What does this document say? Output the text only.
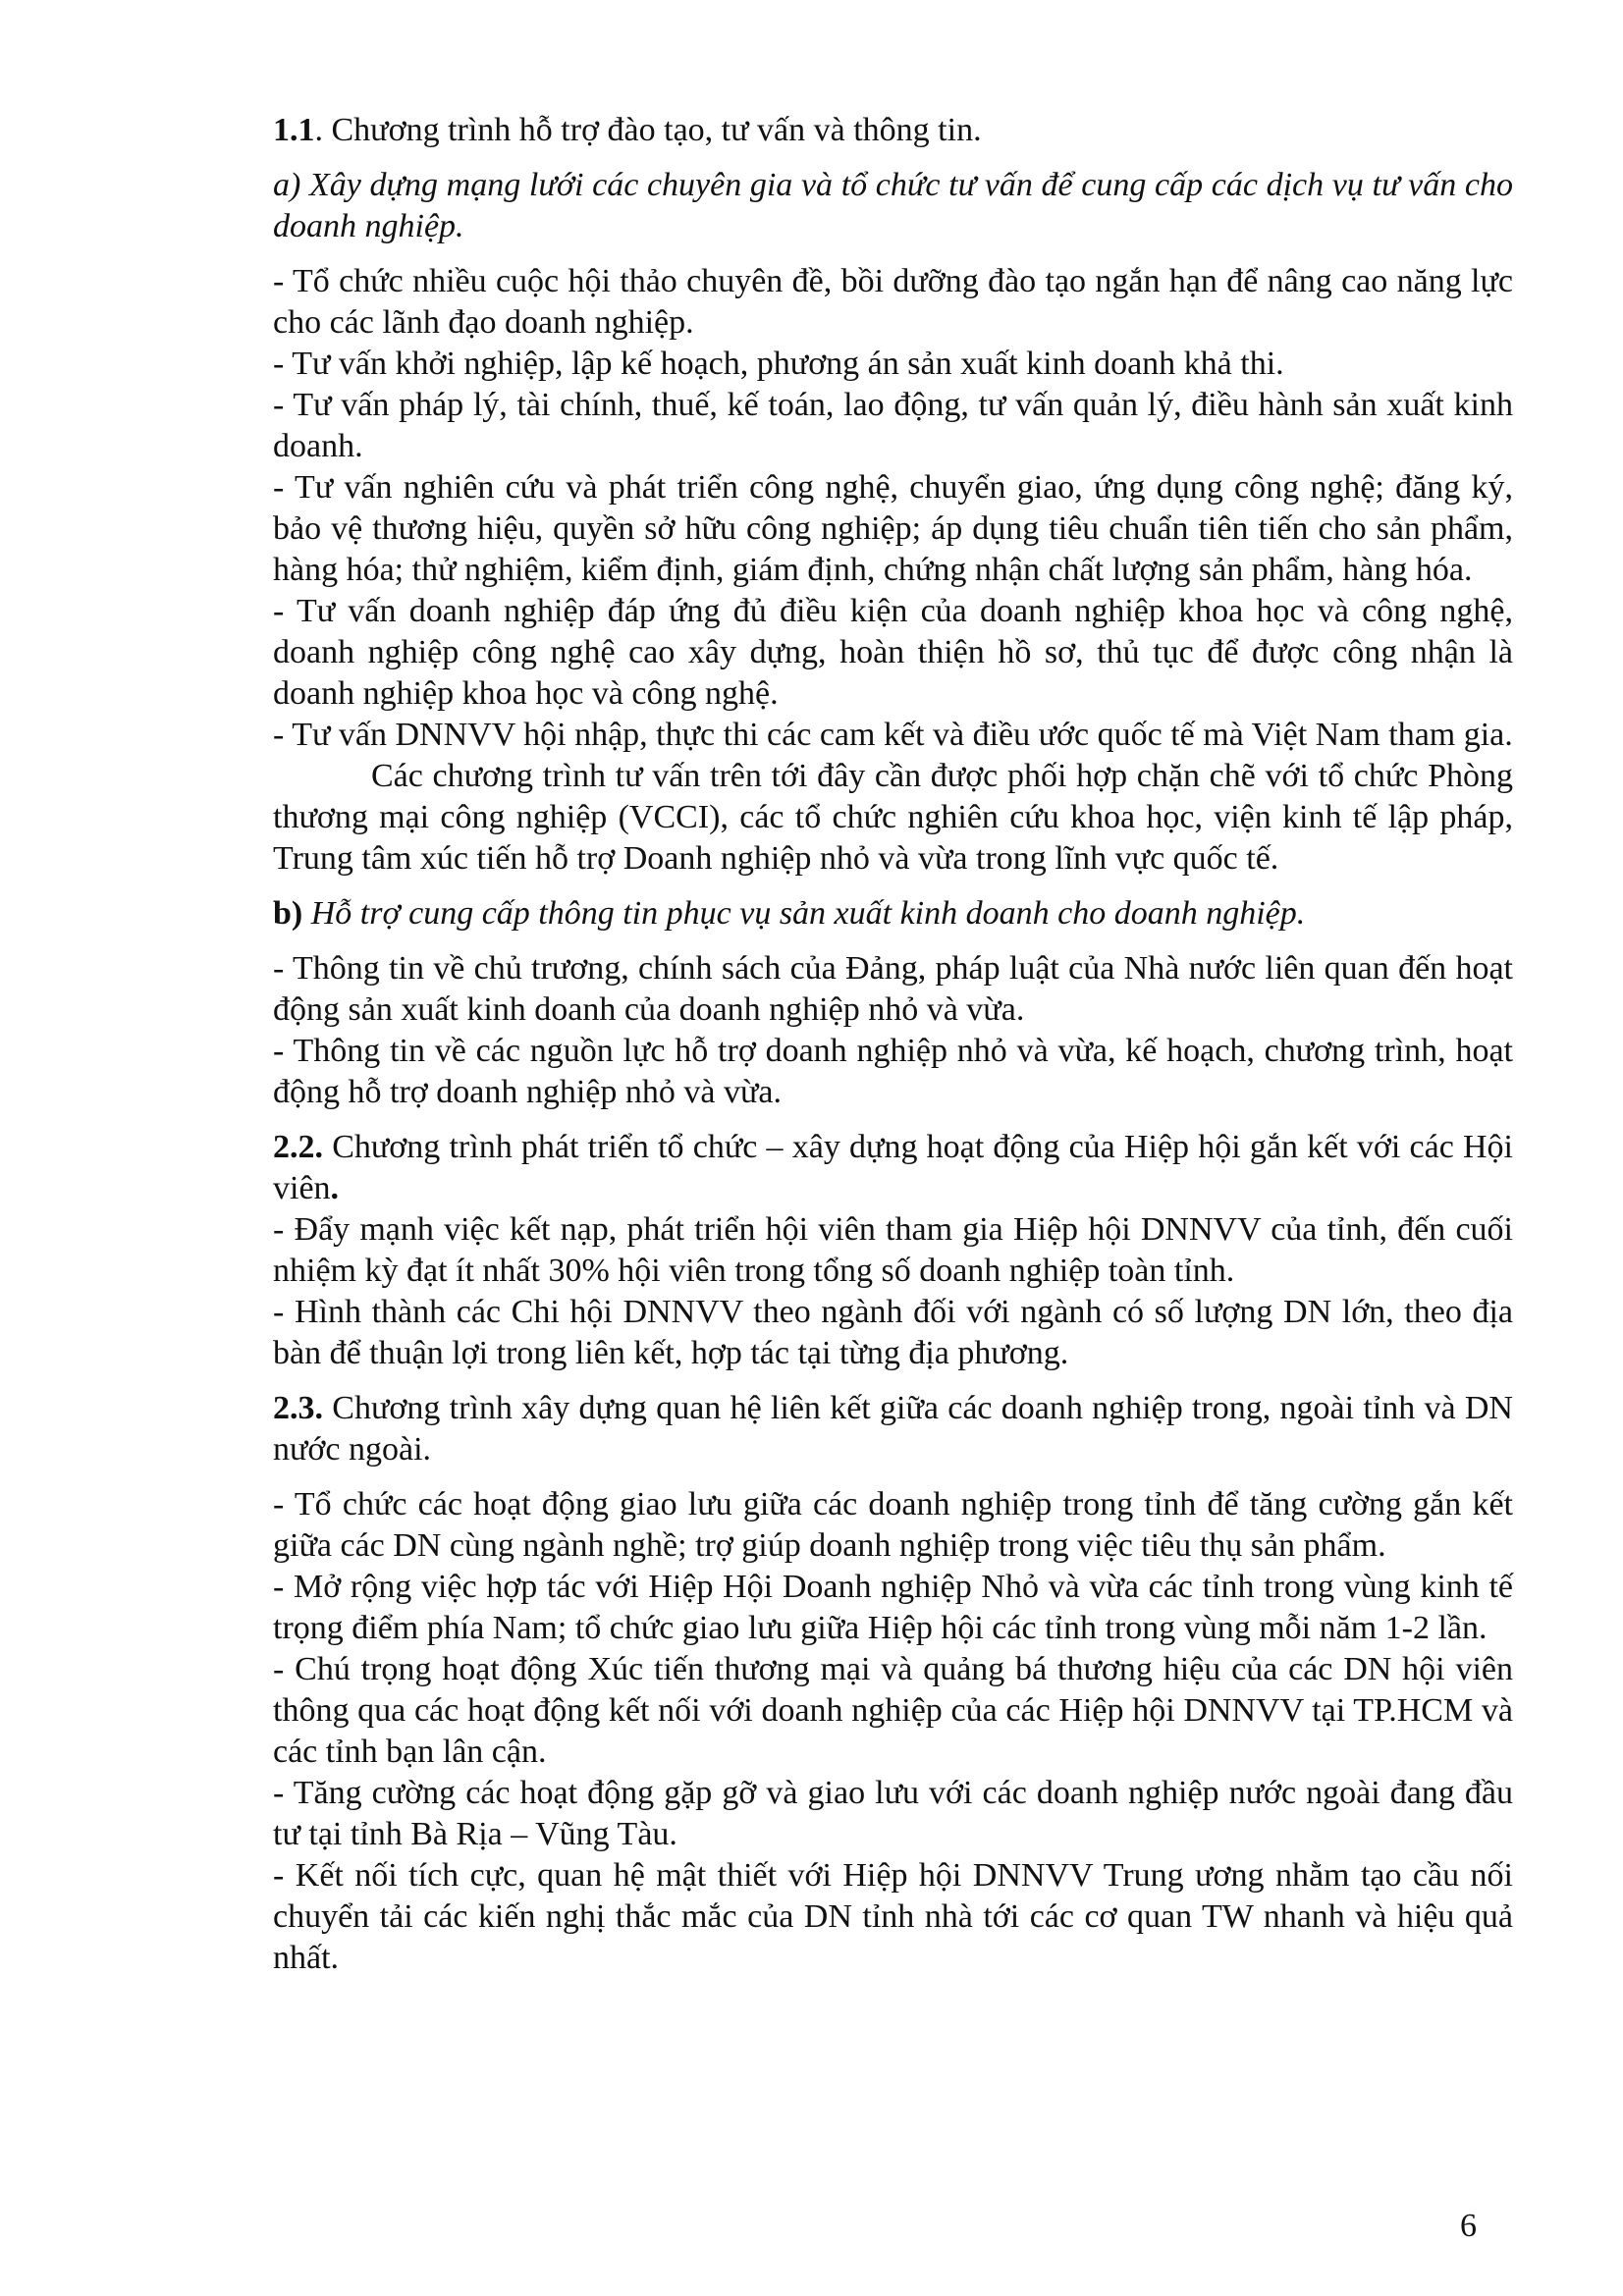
1.1. Chương trình hỗ trợ đào tạo, tư vấn và thông tin.

a) Xây dựng mạng lưới các chuyên gia và tổ chức tư vấn để cung cấp các dịch vụ tư vấn cho doanh nghiệp.

- Tổ chức nhiều cuộc hội thảo chuyên đề, bồi dưỡng đào tạo ngắn hạn để nâng cao năng lực cho các lãnh đạo doanh nghiệp.

- Tư vấn khởi nghiệp, lập kế hoạch, phương án sản xuất kinh doanh khả thi.

- Tư vấn pháp lý, tài chính, thuế, kế toán, lao động, tư vấn quản lý, điều hành sản xuất kinh doanh.

- Tư vấn nghiên cứu và phát triển công nghệ, chuyển giao, ứng dụng công nghệ; đăng ký, bảo vệ thương hiệu, quyền sở hữu công nghiệp; áp dụng tiêu chuẩn tiên tiến cho sản phẩm, hàng hóa; thử nghiệm, kiểm định, giám định, chứng nhận chất lượng sản phẩm, hàng hóa.

- Tư vấn doanh nghiệp đáp ứng đủ điều kiện của doanh nghiệp khoa học và công nghệ, doanh nghiệp công nghệ cao xây dựng, hoàn thiện hồ sơ, thủ tục để được công nhận là doanh nghiệp khoa học và công nghệ.

- Tư vấn DNNVV hội nhập, thực thi các cam kết và điều ước quốc tế mà Việt Nam tham gia.

Các chương trình tư vấn trên tới đây cần được phối hợp chặn chẽ với tổ chức Phòng thương mại công nghiệp (VCCI), các tổ chức nghiên cứu khoa học, viện kinh tế lập pháp, Trung tâm xúc tiến hỗ trợ Doanh nghiệp nhỏ và vừa trong lĩnh vực quốc tế.

b) Hỗ trợ cung cấp thông tin phục vụ sản xuất kinh doanh cho doanh nghiệp.

- Thông tin về chủ trương, chính sách của Đảng, pháp luật của Nhà nước liên quan đến hoạt động sản xuất kinh doanh của doanh nghiệp nhỏ và vừa.

- Thông tin về các nguồn lực hỗ trợ doanh nghiệp nhỏ và vừa, kế hoạch, chương trình, hoạt động hỗ trợ doanh nghiệp nhỏ và vừa.

2.2. Chương trình phát triển tổ chức – xây dựng hoạt động của Hiệp hội gắn kết với các Hội viên.

- Đẩy mạnh việc kết nạp, phát triển hội viên tham gia Hiệp hội DNNVV của tỉnh, đến cuối nhiệm kỳ đạt ít nhất 30% hội viên trong tổng số doanh nghiệp toàn tỉnh.

- Hình thành các Chi hội DNNVV theo ngành đối với ngành có số lượng DN lớn, theo địa bàn để thuận lợi trong liên kết, hợp tác tại từng địa phương.

2.3. Chương trình xây dựng quan hệ liên kết giữa các doanh nghiệp trong, ngoài tỉnh và DN nước ngoài.

- Tổ chức các hoạt động giao lưu giữa các doanh nghiệp trong tỉnh để tăng cường gắn kết giữa các DN cùng ngành nghề; trợ giúp doanh nghiệp trong việc tiêu thụ sản phẩm.

- Mở rộng việc hợp tác với Hiệp Hội Doanh nghiệp Nhỏ và vừa các tỉnh trong vùng kinh tế trọng điểm phía Nam; tổ chức giao lưu giữa Hiệp hội các tỉnh trong vùng mỗi năm 1-2 lần.

- Chú trọng hoạt động Xúc tiến thương mại và quảng bá thương hiệu của các DN hội viên thông qua các hoạt động kết nối với doanh nghiệp của các Hiệp hội DNNVV tại TP.HCM và các tỉnh bạn lân cận.

- Tăng cường các hoạt động gặp gỡ và giao lưu với các doanh nghiệp nước ngoài đang đầu tư tại tỉnh Bà Rịa – Vũng Tàu.

- Kết nối tích cực, quan hệ mật thiết với Hiệp hội DNNVV Trung ương nhằm tạo cầu nối chuyển tải các kiến nghị thắc mắc của DN tỉnh nhà tới các cơ quan TW nhanh và hiệu quả nhất.

6
